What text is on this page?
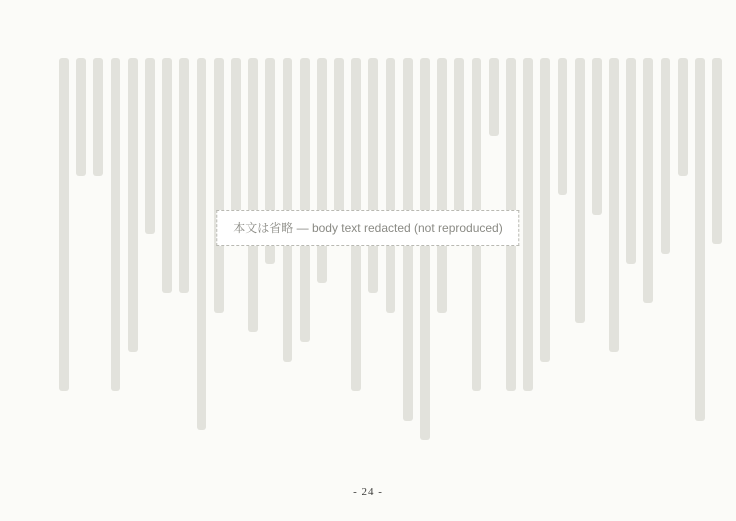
本文は省略 — body text redacted (not reproduced)
- 24 -
